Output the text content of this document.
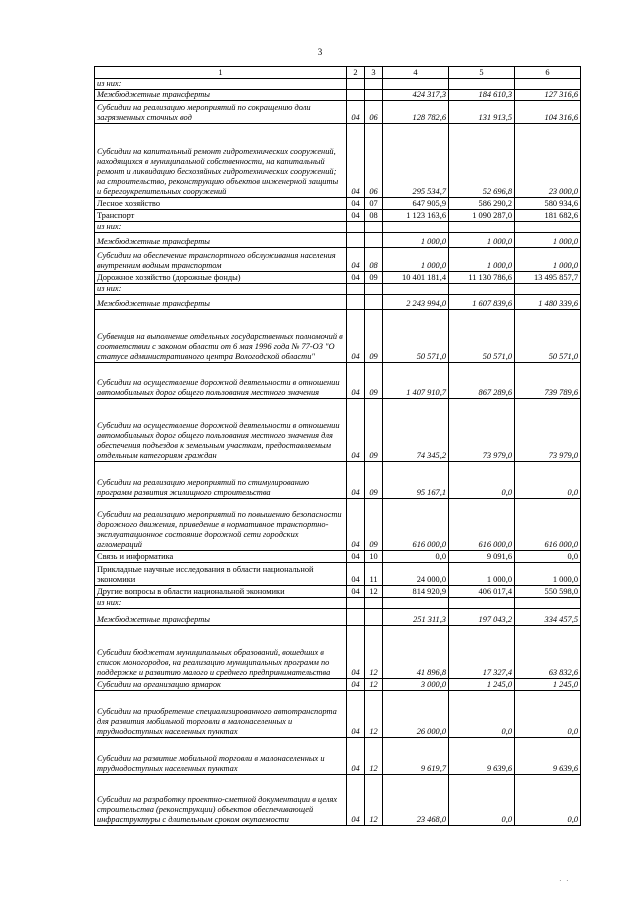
3
1	2	3	4	5	6
из них:					
Межбюджетные трансферты			424 317,3	184 610,3	127 316,6
Субсидии на реализацию мероприятий по сокращению доли загрязненных сточных вод	04	06	128 782,6	131 913,5	104 316,6
Субсидии на капитальный ремонт гидротехнических сооружений, находящихся в муниципальной собственности, на капитальный ремонт и ликвидацию бесхозяйных гидротехнических сооружений; на строительство, реконструкцию объектов инженерной защиты и берегоукрепительных сооружений	04	06	295 534,7	52 696,8	23 000,0
Лесное хозяйство	04	07	647 905,9	586 290,2	580 934,6
Транспорт	04	08	1 123 163,6	1 090 287,0	181 682,6
из них:					
Межбюджетные трансферты			1 000,0	1 000,0	1 000,0
Субсидии на обеспечение транспортного обслуживания населения внутренним водным транспортом	04	08	1 000,0	1 000,0	1 000,0
Дорожное хозяйство (дорожные фонды)	04	09	10 401 181,4	11 130 786,6	13 495 857,7
из них:					
Межбюджетные трансферты			2 243 994,0	1 607 839,6	1 480 339,6
Субвенция на выполнение отдельных государственных полномочий в соответствии с законом области от 6 мая 1996 года № 77-ОЗ "О статусе административного центра Вологодской области"	04	09	50 571,0	50 571,0	50 571,0
Субсидии на осуществление дорожной деятельности в отношении автомобильных дорог общего пользования местного значения	04	09	1 407 910,7	867 289,6	739 789,6
Субсидии на осуществление дорожной деятельности в отношении автомобильных дорог общего пользования местного значения для обеспечения подъездов к земельным участкам, предоставляемым отдельным категориям граждан	04	09	74 345,2	73 979,0	73 979,0
Субсидии на реализацию мероприятий по стимулированию программ развития жилищного строительства	04	09	95 167,1	0,0	0,0
Субсидии на реализацию мероприятий по повышению безопасности дорожного движения, приведение в нормативное транспортно-эксплуатационное состояние дорожной сети городских агломераций	04	09	616 000,0	616 000,0	616 000,0
Связь и информатика	04	10	0,0	9 091,6	0,0
Прикладные научные исследования в области национальной экономики	04	11	24 000,0	1 000,0	1 000,0
Другие вопросы в области национальной экономики	04	12	814 920,9	406 017,4	550 598,0
из них:					
Межбюджетные трансферты			251 311,3	197 043,2	334 457,5
Субсидии бюджетам муниципальных образований, вошедших в список моногородов, на реализацию муниципальных программ по поддержке и развитию малого и среднего предпринимательства	04	12	41 896,8	17 327,4	63 832,6
Субсидии на организацию ярмарок	04	12	3 000,0	1 245,0	1 245,0
Субсидии на приобретение специализированного автотранспорта для развития мобильной торговли в малонаселенных и труднодоступных населенных пунктах	04	12	26 000,0	0,0	0,0
Субсидии на развитие мобильной торговли в малонаселенных и труднодоступных населенных пунктах	04	12	9 619,7	9 639,6	9 639,6
Субсидии на разработку проектно-сметной документации в целях строительства (реконструкции) объектов обеспечивающей инфраструктуры с длительным сроком окупаемости	04	12	23 468,0	0,0	0,0
. .
